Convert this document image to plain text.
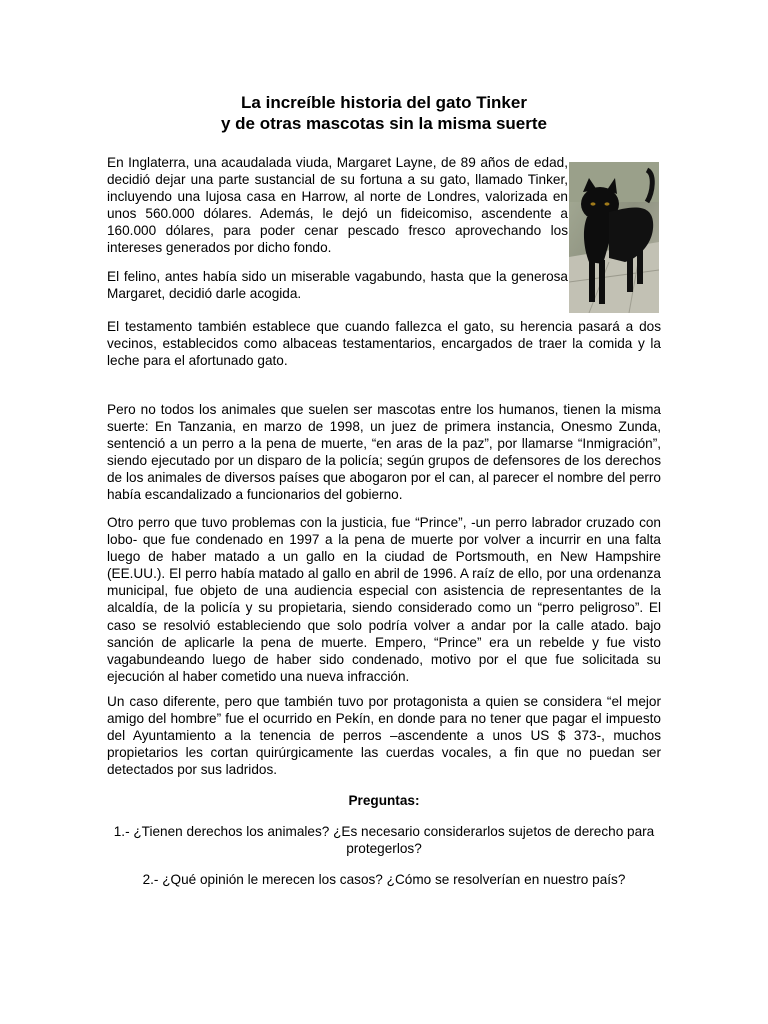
La increíble historia del gato Tinker
y de otras mascotas sin la misma suerte

En Inglaterra, una acaudalada viuda, Margaret Layne, de 89 años de edad, decidió dejar una parte sustancial de su fortuna a su gato, llamado Tinker, incluyendo una lujosa casa en Harrow, al norte de Londres, valorizada en unos 560.000 dólares. Además, le dejó un fideicomiso, ascendente a 160.000 dólares, para poder cenar pescado fresco aprovechando los intereses generados por dicho fondo.

El felino, antes había sido un miserable vagabundo, hasta que la generosa Margaret, decidió darle acogida.

El testamento también establece que cuando fallezca el gato, su herencia pasará a dos vecinos, establecidos como albaceas testamentarios, encargados de traer la comida y la leche para el afortunado gato.

Pero no todos los animales que suelen ser mascotas entre los humanos, tienen la misma suerte: En Tanzania, en marzo de 1998, un juez de primera instancia, Onesmo Zunda, sentenció a un perro a la pena de muerte, “en aras de la paz”, por llamarse “Inmigración”, siendo ejecutado por un disparo de la policía; según grupos de defensores de los derechos de los animales de diversos países que abogaron por el can, al parecer el nombre del perro había escandalizado a funcionarios del gobierno.

Otro perro que tuvo problemas con la justicia, fue “Prince”, -un perro labrador cruzado con lobo- que fue condenado en 1997 a la pena de muerte por volver a incurrir en una falta luego de haber matado a un gallo en la ciudad de Portsmouth, en New Hampshire (EE.UU.). El perro había matado al gallo en abril de 1996. A raíz de ello, por una ordenanza municipal, fue objeto de una audiencia especial con asistencia de representantes de la alcaldía, de la policía y su propietaria, siendo considerado como un “perro peligroso”. El caso se resolvió estableciendo que solo podría volver a andar por la calle atado. bajo sanción de aplicarle la pena de muerte. Empero, “Prince” era un rebelde y fue visto vagabundeando luego de haber sido condenado, motivo por el que fue solicitada su ejecución al haber cometido una nueva infracción.

Un caso diferente, pero que también tuvo por protagonista a quien se considera “el mejor amigo del hombre” fue el ocurrido en Pekín, en donde para no tener que pagar el impuesto del Ayuntamiento a la tenencia de perros –ascendente a unos US $ 373-, muchos propietarios les cortan quirúrgicamente las cuerdas vocales, a fin que no puedan ser detectados por sus ladridos.

Preguntas:

1.- ¿Tienen derechos los animales? ¿Es necesario considerarlos sujetos de derecho para protegerlos?

2.- ¿Qué opinión le merecen los casos? ¿Cómo se resolverían en nuestro país?
